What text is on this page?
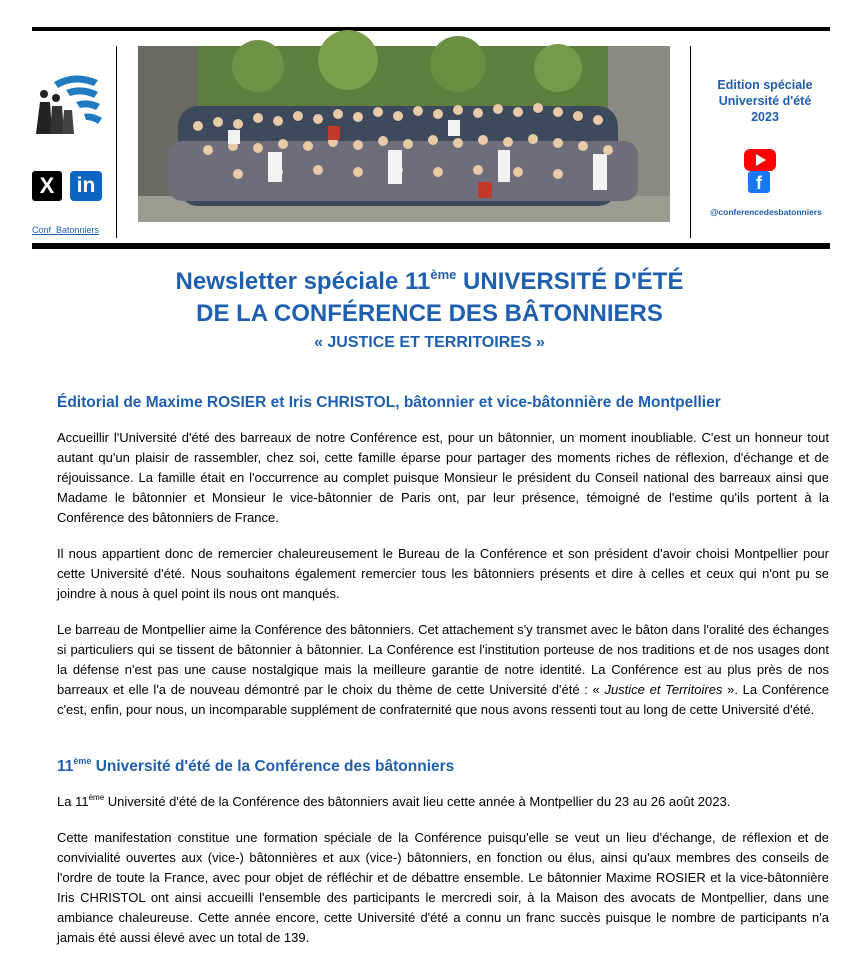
X	in
Conf_Batonniers
Edition spéciale
Université d'été
2023
f
@conferencedesbatonniers
Newsletter spéciale 11ème UNIVERSITÉ D'ÉTÉ
DE LA CONFÉRENCE DES BÂTONNIERS
« JUSTICE ET TERRITOIRES »
Éditorial de Maxime ROSIER et Iris CHRISTOL, bâtonnier et vice-bâtonnière de Montpellier

Accueillir l'Université d'été des barreaux de notre Conférence est, pour un bâtonnier, un moment inoubliable. C'est un honneur tout autant qu'un plaisir de rassembler, chez soi, cette famille éparse pour partager des moments riches de réflexion, d'échange et de réjouissance. La famille était en l'occurrence au complet puisque Monsieur le président du Conseil national des barreaux ainsi que Madame le bâtonnier et Monsieur le vice-bâtonnier de Paris ont, par leur présence, témoigné de l'estime qu'ils portent à la Conférence des bâtonniers de France.

Il nous appartient donc de remercier chaleureusement le Bureau de la Conférence et son président d'avoir choisi Montpellier pour cette Université d'été. Nous souhaitons également remercier tous les bâtonniers présents et dire à celles et ceux qui n'ont pu se joindre à nous à quel point ils nous ont manqués.

Le barreau de Montpellier aime la Conférence des bâtonniers. Cet attachement s'y transmet avec le bâton dans l'oralité des échanges si particuliers qui se tissent de bâtonnier à bâtonnier. La Conférence est l'institution porteuse de nos traditions et de nos usages dont la défense n'est pas une cause nostalgique mais la meilleure garantie de notre identité. La Conférence est au plus près de nos barreaux et elle l'a de nouveau démontré par le choix du thème de cette Université d'été : « Justice et Territoires ». La Conférence c'est, enfin, pour nous, un incomparable supplément de confraternité que nous avons ressenti tout au long de cette Université d'été.

11ème Université d'été de la Conférence des bâtonniers

La 11ème Université d'été de la Conférence des bâtonniers avait lieu cette année à Montpellier du 23 au 26 août 2023.

Cette manifestation constitue une formation spéciale de la Conférence puisqu'elle se veut un lieu d'échange, de réflexion et de convivialité ouvertes aux (vice-) bâtonnières et aux (vice-) bâtonniers, en fonction ou élus, ainsi qu'aux membres des conseils de l'ordre de toute la France, avec pour objet de réfléchir et de débattre ensemble. Le bâtonnier Maxime ROSIER et la vice-bâtonnière Iris CHRISTOL ont ainsi accueilli l'ensemble des participants le mercredi soir, à la Maison des avocats de Montpellier, dans une ambiance chaleureuse. Cette année encore, cette Université d'été a connu un franc succès puisque le nombre de participants n'a jamais été aussi élevé avec un total de 139.
